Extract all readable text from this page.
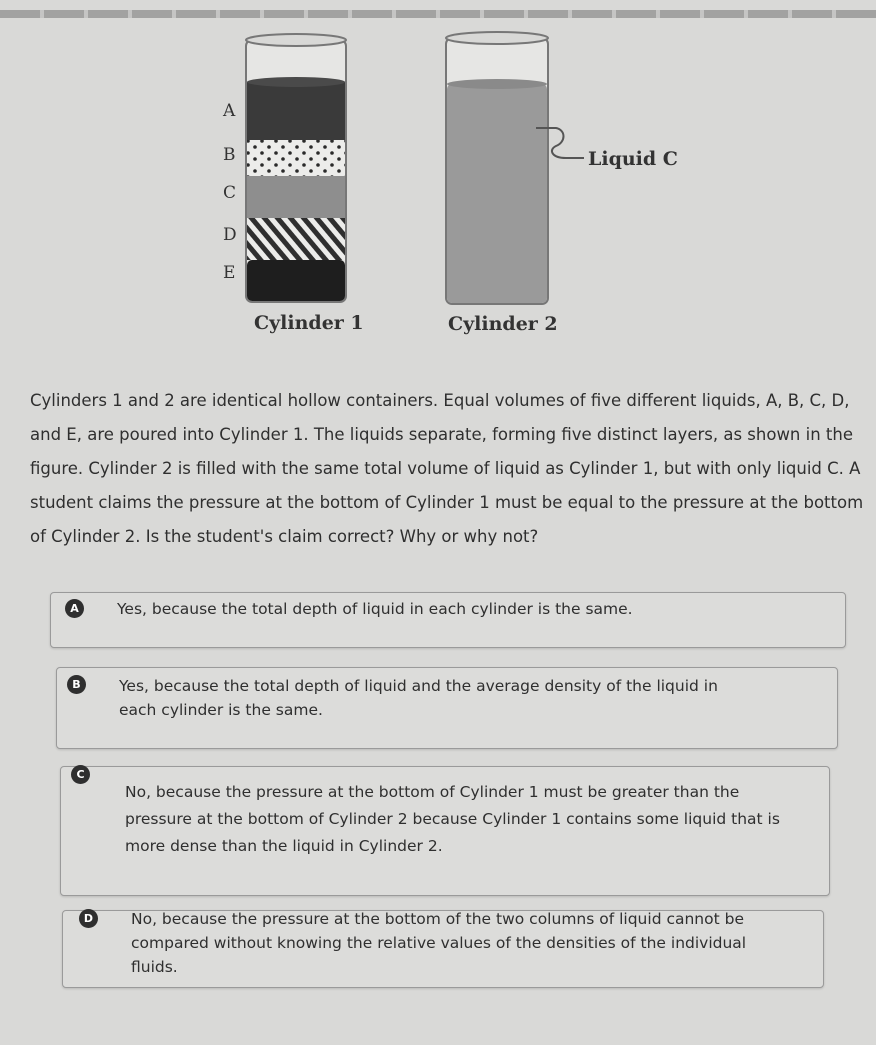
A
B
C
D
E
Liquid C
Cylinder 1	Cylinder 2

Cylinders 1 and 2 are identical hollow containers. Equal volumes of five different liquids, A, B, C, D, and E, are poured into Cylinder 1. The liquids separate, forming five distinct layers, as shown in the figure. Cylinder 2 is filled with the same total volume of liquid as Cylinder 1, but with only liquid C. A student claims the pressure at the bottom of Cylinder 1 must be equal to the pressure at the bottom of Cylinder 2. Is the student's claim correct? Why or why not?

A	Yes, because the total depth of liquid in each cylinder is the same.
B	Yes, because the total depth of liquid and the average density of the liquid in each cylinder is the same.
C
No, because the pressure at the bottom of Cylinder 1 must be greater than the pressure at the bottom of Cylinder 2 because Cylinder 1 contains some liquid that is more dense than the liquid in Cylinder 2.
D	No, because the pressure at the bottom of the two columns of liquid cannot be compared without knowing the relative values of the densities of the individual fluids.
